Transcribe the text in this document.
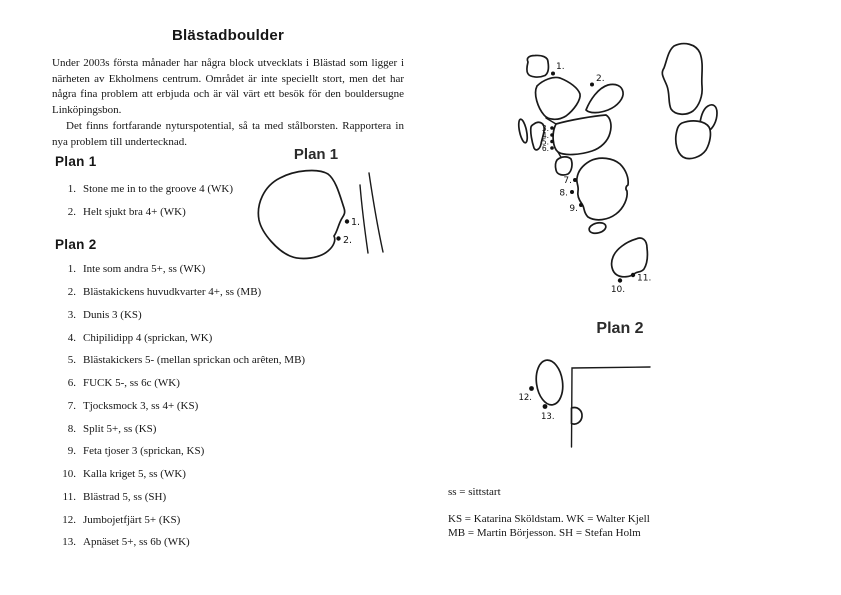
Blästadboulder

Under 2003s första månader har några block utvecklats i Blästad som ligger i närheten av Ekholmens centrum. Området är inte speciellt stort, men det har några fina problem att erbjuda och är väl värt ett besök för den bouldersugne Linköpingsbon.

Det finns fortfarande nyturspotential, så ta med stålborsten. Rapportera in nya problem till undertecknad.

Plan 1
1. Stone me in to the groove 4 (WK)
2. Helt sjukt bra 4+ (WK)
Plan 2
1. Inte som andra 5+, ss (WK)
2. Blästakickens huvudkvarter 4+, ss (MB)
3. Dunis 3 (KS)
4. Chipilidipp 4 (sprickan, WK)
5. Blästakickers 5- (mellan sprickan och arêten, MB)
6. FUCK 5-, ss 6c (WK)
7. Tjocksmock 3, ss 4+ (KS)
8. Split 5+, ss (KS)
9. Feta tjoser 3 (sprickan, KS)
10. Kalla kriget 5, ss (WK)
11. Blästrad 5, ss (SH)
12. Jumbojetfjärt 5+ (KS)
13. Apnäset 5+, ss 6b (WK)
Plan 1
1.
2.
1.
2.
3.
4.
5.
6.
7.
8.
9.
10.
11.
Plan 2
12.
13.

ss = sittstart

KS = Katarina Sköldstam. WK = Walter Kjell

MB = Martin Börjesson. SH = Stefan Holm
